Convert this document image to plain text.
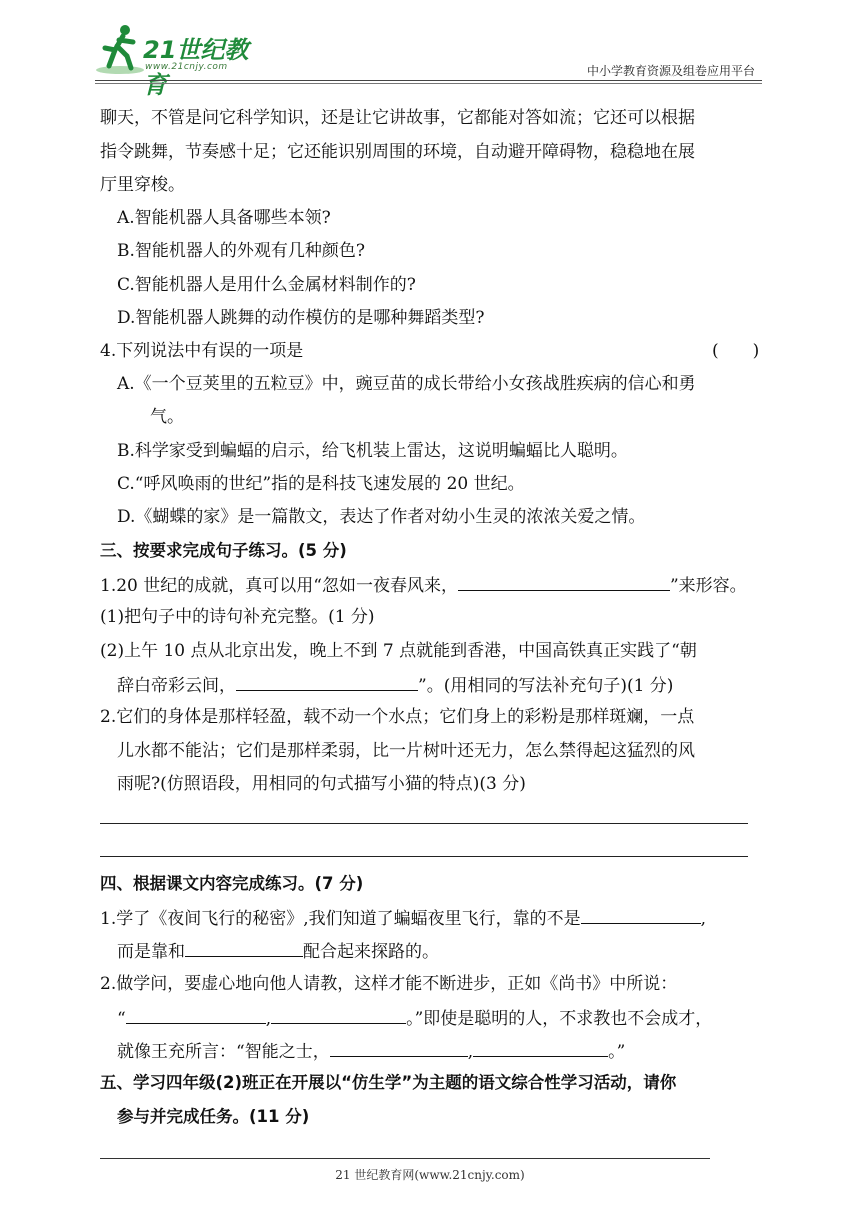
21世纪教育
www.21cnjy.com	中小学教育资源及组卷应用平台
聊天，不管是问它科学知识，还是让它讲故事，它都能对答如流；它还可以根据
指令跳舞，节奏感十足；它还能识别周围的环境，自动避开障碍物，稳稳地在展
厅里穿梭。
A.智能机器人具备哪些本领?
B.智能机器人的外观有几种颜色?
C.智能机器人是用什么金属材料制作的?
D.智能机器人跳舞的动作模仿的是哪种舞蹈类型?
4.下列说法中有误的一项是	(　　)
A.《一个豆荚里的五粒豆》中，豌豆苗的成长带给小女孩战胜疾病的信心和勇
气。
B.科学家受到蝙蝠的启示，给飞机装上雷达，这说明蝙蝠比人聪明。
C.“呼风唤雨的世纪”指的是科技飞速发展的 20 世纪。
D.《蝴蝶的家》是一篇散文，表达了作者对幼小生灵的浓浓关爱之情。
三、按要求完成句子练习。(5 分)
1.20 世纪的成就，真可以用“忽如一夜春风来，	”来形容。
(1)把句子中的诗句补充完整。(1 分)
(2)上午 10 点从北京出发，晚上不到 7 点就能到香港，中国高铁真正实践了“朝
辞白帝彩云间，	”。(用相同的写法补充句子)(1 分)
2.它们的身体是那样轻盈，载不动一个水点；它们身上的彩粉是那样斑斓，一点
儿水都不能沾；它们是那样柔弱，比一片树叶还无力，怎么禁得起这猛烈的风
雨呢?(仿照语段，用相同的句式描写小猫的特点)(3 分)
四、根据课文内容完成练习。(7 分)
1.学了《夜间飞行的秘密》,我们知道了蝙蝠夜里飞行，靠的不是	,
而是靠和	配合起来探路的。
2.做学问，要虚心地向他人请教，这样才能不断进步，正如《尚书》中所说：
“	,	。”即使是聪明的人，不求教也不会成才，
就像王充所言：“智能之士，	,	。”
五、学习四年级(2)班正在开展以“仿生学”为主题的语文综合性学习活动，请你
参与并完成任务。(11 分)
21 世纪教育网(www.21cnjy.com)
